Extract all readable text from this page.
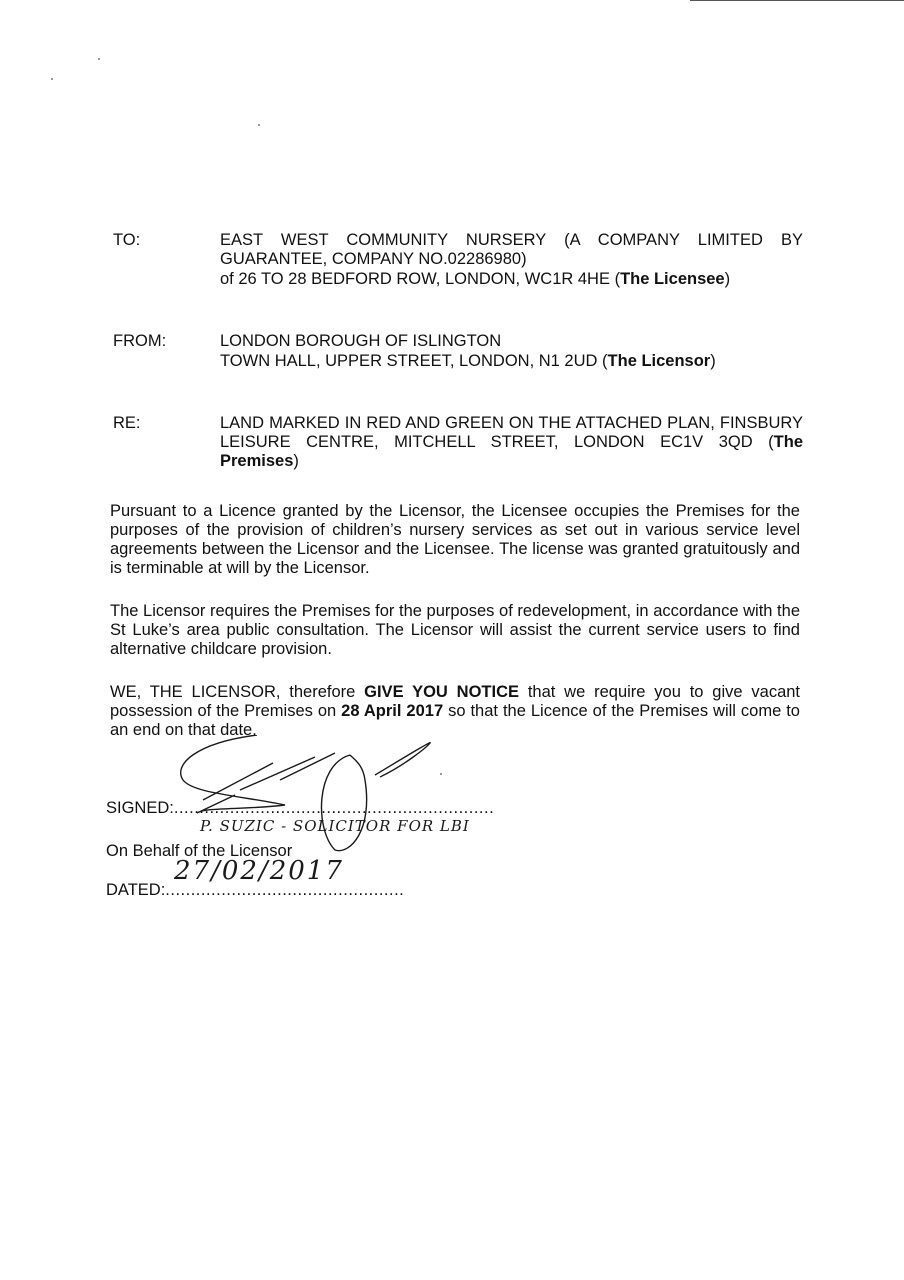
TO:	EAST WEST COMMUNITY NURSERY (A COMPANY LIMITED BY GUARANTEE, COMPANY NO.02286980)
of 26 TO 28 BEDFORD ROW, LONDON, WC1R 4HE (The Licensee)
FROM:	LONDON BOROUGH OF ISLINGTON
TOWN HALL, UPPER STREET, LONDON, N1 2UD (The Licensor)
RE:	LAND MARKED IN RED AND GREEN ON THE ATTACHED PLAN, FINSBURY LEISURE CENTRE, MITCHELL STREET, LONDON EC1V 3QD (The Premises)
Pursuant to a Licence granted by the Licensor, the Licensee occupies the Premises for the purposes of the provision of children’s nursery services as set out in various service level agreements between the Licensor and the Licensee. The license was granted gratuitously and is terminable at will by the Licensor.
The Licensor requires the Premises for the purposes of redevelopment, in accordance with the St Luke’s area public consultation. The Licensor will assist the current service users to find alternative childcare provision.
WE, THE LICENSOR, therefore GIVE YOU NOTICE that we require you to give vacant possession of the Premises on 28 April 2017 so that the Licence of the Premises will come to an end on that date.
SIGNED:...............................................................
P. SUZIC - SOLICITOR FOR LBI
On Behalf of the Licensor
DATED:...............................................
27/02/2017
